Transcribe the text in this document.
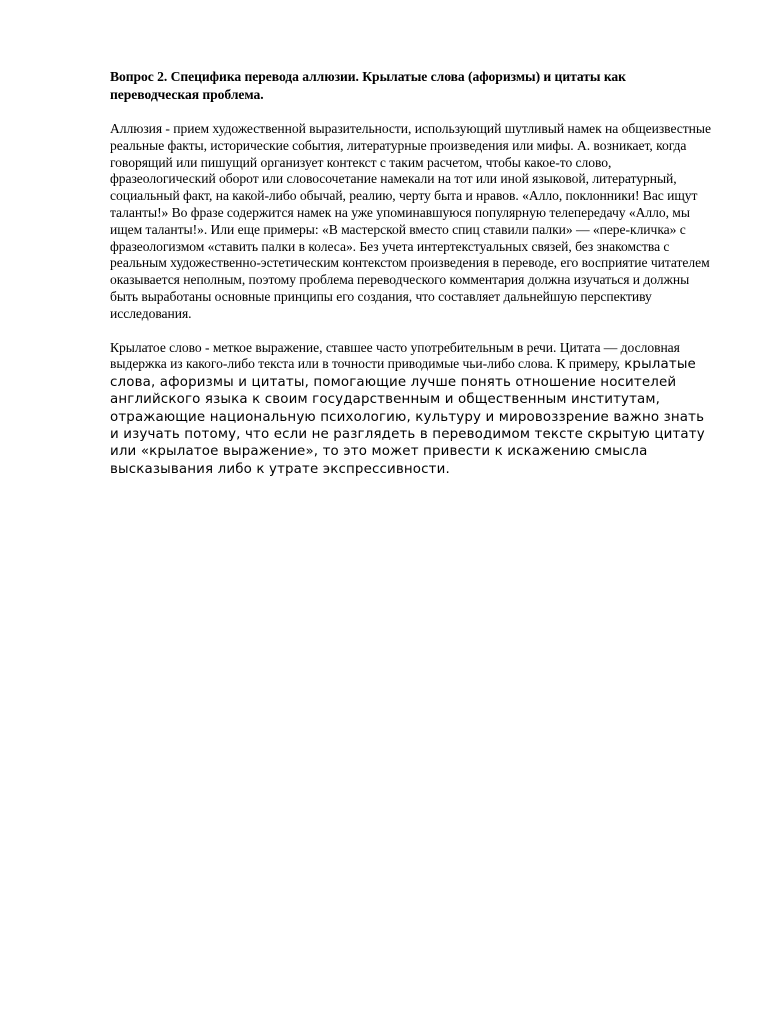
Вопрос 2. Специфика перевода аллюзии. Крылатые слова (афоризмы) и цитаты как переводческая проблема.

Аллюзия - прием художественной выразительности, использующий шутливый намек на общеизвестные реальные факты, исторические события, литературные произведения или мифы. А. возникает, когда говорящий или пишущий организует контекст с таким расчетом, чтобы какое-то слово, фразеологический оборот или словосочетание намекали на тот или иной языковой, литературный, социальный факт, на какой-либо обычай, реалию, черту быта и нравов. «Алло, поклонники! Вас ищут таланты!» Во фразе содержится намек на уже упоминавшуюся популярную телепередачу «Алло, мы ищем таланты!». Или еще примеры: «В мастерской вместо спиц ставили палки» — «пере-кличка» с фразеологизмом «ставить палки в колеса». Без учета интертекстуальных связей, без знакомства с реальным художественно-эстетическим контекстом произведения в переводе, его восприятие читателем оказывается неполным, поэтому проблема переводческого комментария должна изучаться и должны быть выработаны основные принципы его создания, что составляет дальнейшую перспективу исследования.

Крылатое слово - меткое выражение, ставшее часто употребительным в речи. Цитата — дословная выдержка из какого-либо текста или в точности приводимые чьи-либо слова. К примеру, крылатые слова, афоризмы и цитаты, помогающие лучше понять отношение носителей английского языка к своим государственным и общественным институтам, отражающие национальную психологию, культуру и мировоззрение важно знать и изучать потому, что если не разглядеть в переводимом тексте скрытую цитату или «крылатое выражение», то это может привести к искажению смысла высказывания либо к утрате экспрессивности.
